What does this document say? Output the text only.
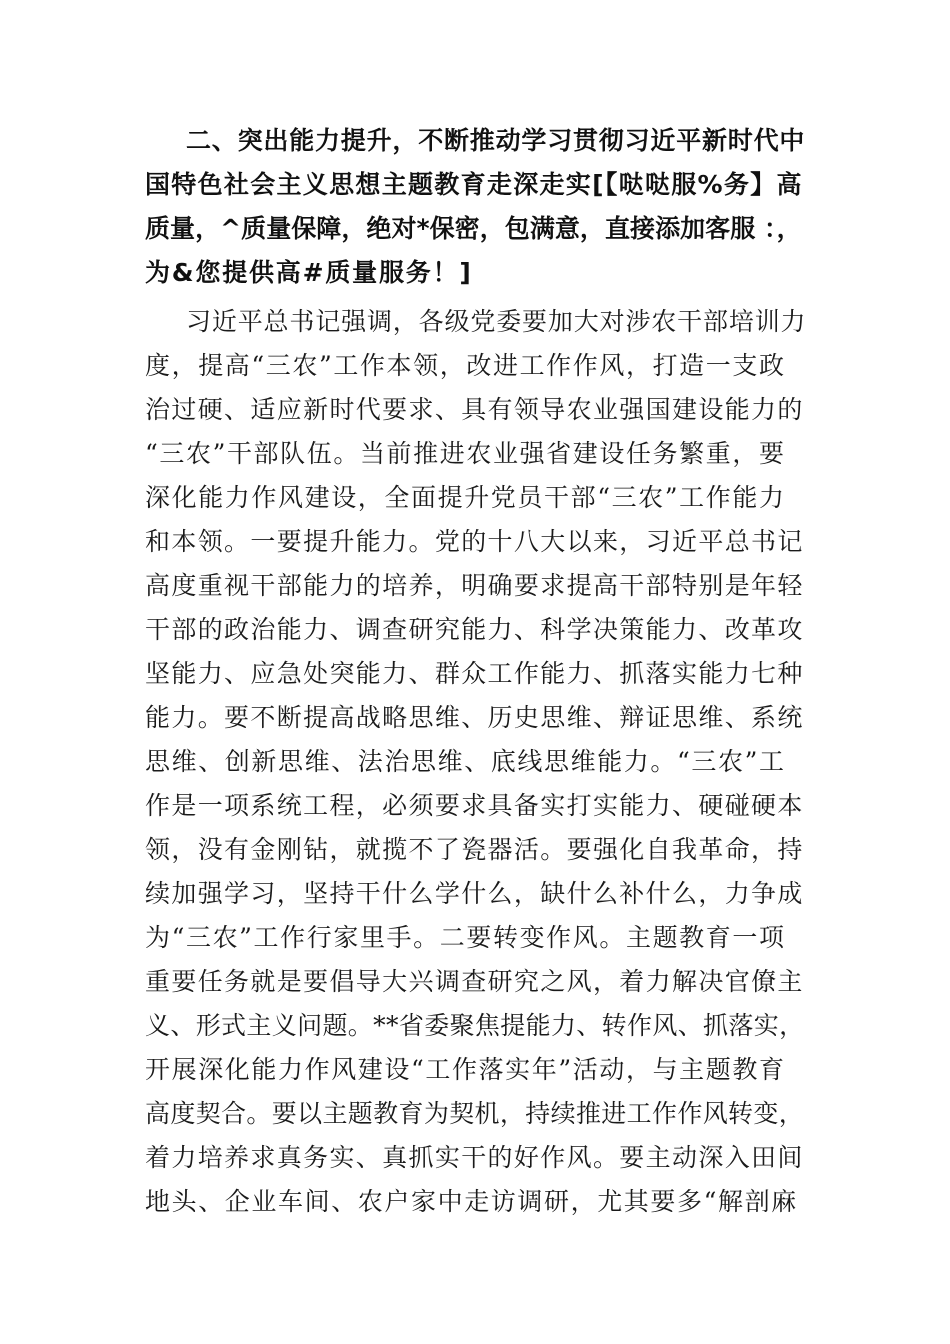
二、突出能力提升，不断推动学习贯彻习近平新时代中
国特色社会主义思想主题教育走深走实[【哒哒服%务】高
质量，^质量保障，绝对*保密，包满意，直接添加客服 ：，
为&您提供高#质量服务！]
习近平总书记强调，各级党委要加大对涉农干部培训力
度，提高“三农”工作本领，改进工作作风，打造一支政
治过硬、适应新时代要求、具有领导农业强国建设能力的
“三农”干部队伍。当前推进农业强省建设任务繁重，要
深化能力作风建设，全面提升党员干部“三农”工作能力
和本领。一要提升能力。党的十八大以来，习近平总书记
高度重视干部能力的培养，明确要求提高干部特别是年轻
干部的政治能力、调查研究能力、科学决策能力、改革攻
坚能力、应急处突能力、群众工作能力、抓落实能力七种
能力。要不断提高战略思维、历史思维、辩证思维、系统
思维、创新思维、法治思维、底线思维能力。“三农”工
作是一项系统工程，必须要求具备实打实能力、硬碰硬本
领，没有金刚钻，就揽不了瓷器活。要强化自我革命，持
续加强学习，坚持干什么学什么，缺什么补什么，力争成
为“三农”工作行家里手。二要转变作风。主题教育一项
重要任务就是要倡导大兴调查研究之风，着力解决官僚主
义、形式主义问题。**省委聚焦提能力、转作风、抓落实，
开展深化能力作风建设“工作落实年”活动，与主题教育
高度契合。要以主题教育为契机，持续推进工作作风转变，
着力培养求真务实、真抓实干的好作风。要主动深入田间
地头、企业车间、农户家中走访调研，尤其要多“解剖麻
